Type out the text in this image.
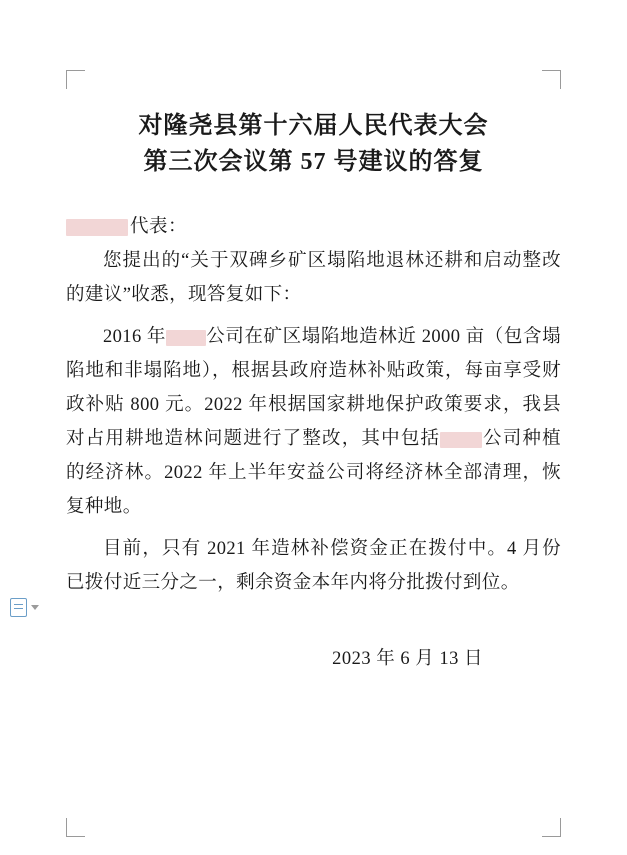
对隆尧县第十六届人民代表大会
第三次会议第 57 号建议的答复
代表：

您提出的“关于双碑乡矿区塌陷地退林还耕和启动整改的建议”收悉，现答复如下：

2016 年 公司在矿区塌陷地造林近 2000 亩（包含塌陷地和非塌陷地），根据县政府造林补贴政策，每亩享受财政补贴 800 元。2022 年根据国家耕地保护政策要求，我县对占用耕地造林问题进行了整改，其中包括 公司种植的经济林。2022 年上半年安益公司将经济林全部清理，恢复种地。

目前，只有 2021 年造林补偿资金正在拨付中。4 月份已拨付近三分之一，剩余资金本年内将分批拨付到位。

2023 年 6 月 13 日
